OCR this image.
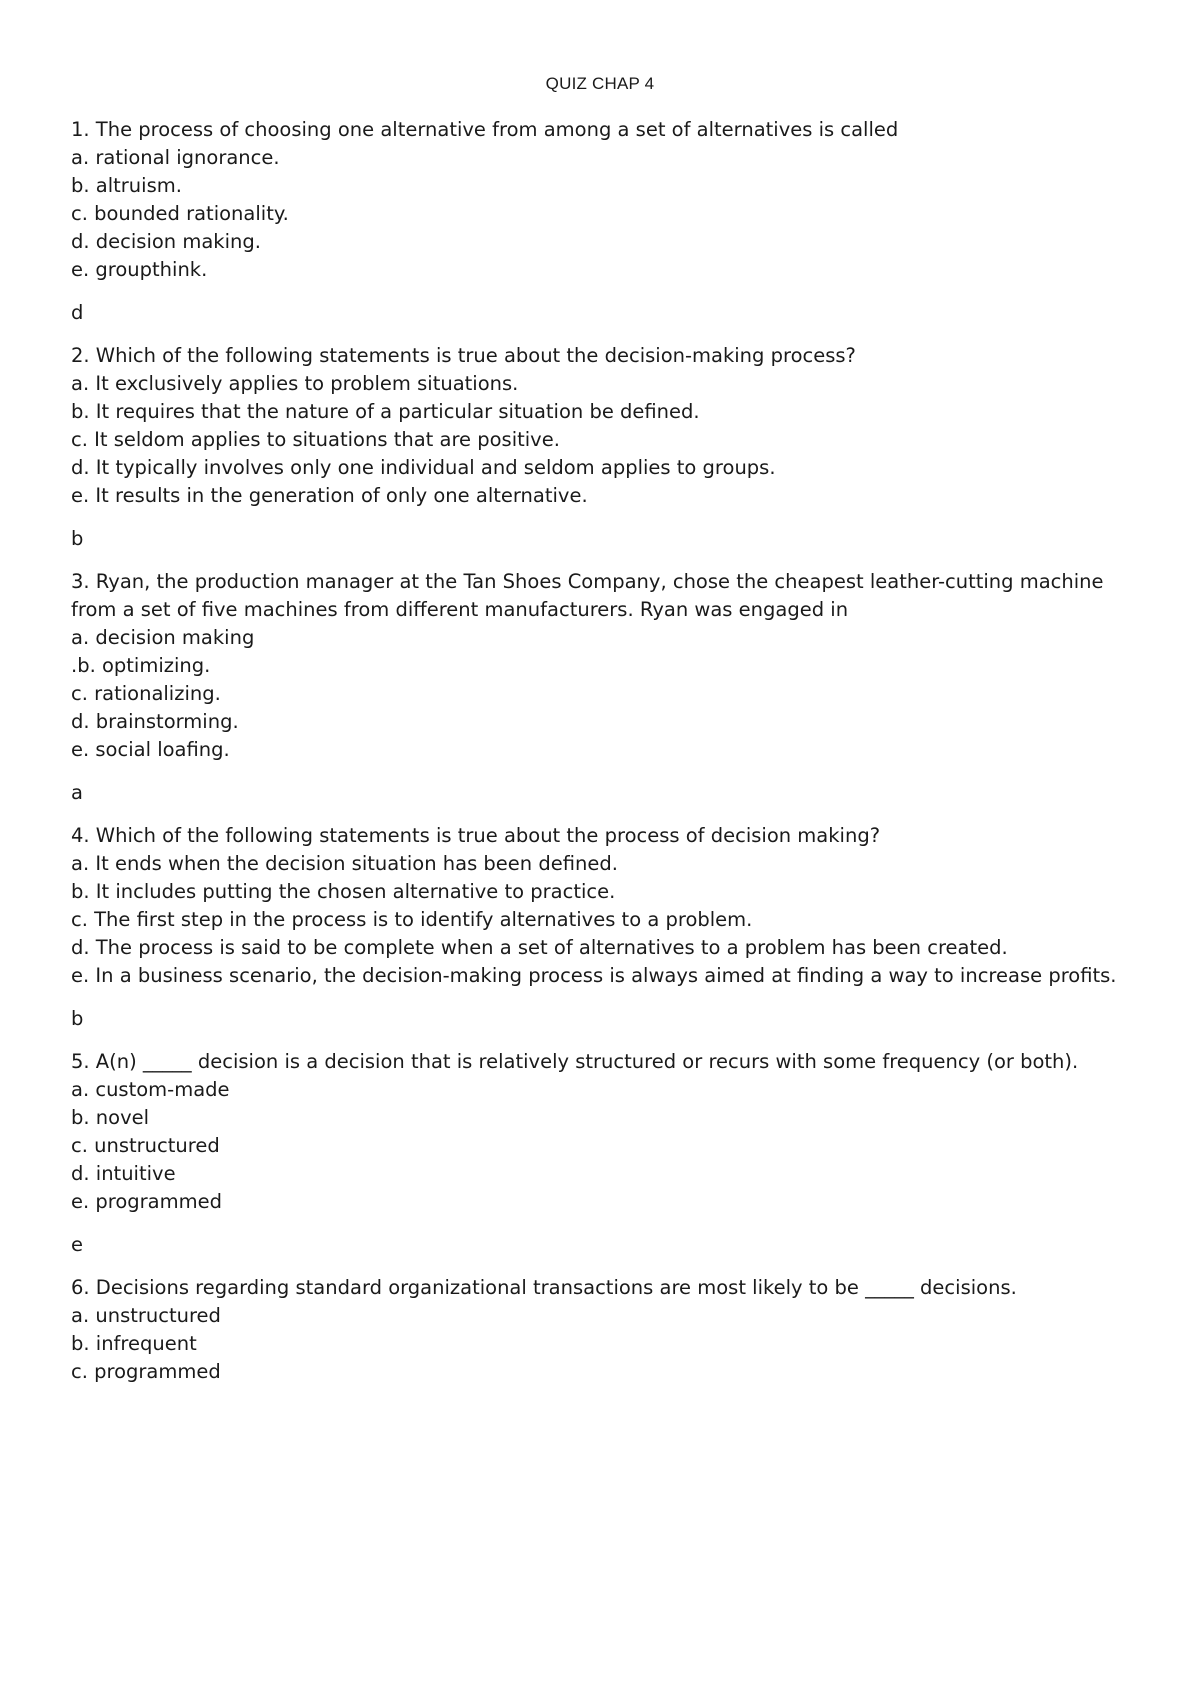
QUIZ CHAP 4

1. The process of choosing one alternative from among a set of alternatives is called

a. rational ignorance.

b. altruism.

c. bounded rationality.

d. decision making.

e. groupthink.

d

2. Which of the following statements is true about the decision-making process?

a. It exclusively applies to problem situations.

b. It requires that the nature of a particular situation be defined.

c. It seldom applies to situations that are positive.

d. It typically involves only one individual and seldom applies to groups.

e. It results in the generation of only one alternative.

b

3. Ryan, the production manager at the Tan Shoes Company, chose the cheapest leather-cutting machine from a set of five machines from different manufacturers. Ryan was engaged in

a. decision making

.b. optimizing.

c. rationalizing.

d. brainstorming.

e. social loafing.

a

4. Which of the following statements is true about the process of decision making?

a. It ends when the decision situation has been defined.

b. It includes putting the chosen alternative to practice.

c. The first step in the process is to identify alternatives to a problem.

d. The process is said to be complete when a set of alternatives to a problem has been created.

e. In a business scenario, the decision-making process is always aimed at finding a way to increase profits.

b

5. A(n) _____ decision is a decision that is relatively structured or recurs with some frequency (or both).

a. custom-made

b. novel

c. unstructured

d. intuitive

e. programmed

e

6. Decisions regarding standard organizational transactions are most likely to be _____ decisions.

a. unstructured

b. infrequent

c. programmed
